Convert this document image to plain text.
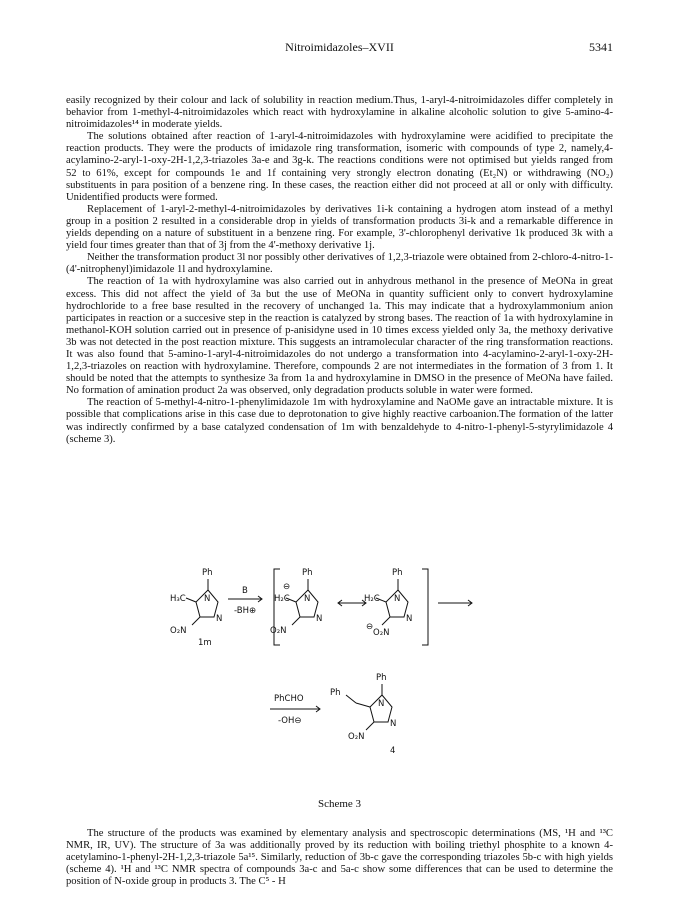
Nitroimidazoles–XVII	5341

easily recognized by their colour and lack of solubility in reaction medium.Thus, 1-aryl-4-nitroimidazoles differ completely in behavior from 1-methyl-4-nitroimidazoles which react with hydroxylamine in alkaline alcoholic solution to give 5-amino-4-nitroimidazoles¹⁴ in moderate yields.

The solutions obtained after reaction of 1-aryl-4-nitroimidazoles with hydroxylamine were acidified to precipitate the reaction products. They were the products of imidazole ring transformation, isomeric with compounds of type 2, namely,4-acylamino-2-aryl-1-oxy-2H-1,2,3-triazoles 3a-e and 3g-k. The reactions conditions were not optimised but yields ranged from 52 to 61%, except for compounds 1e and 1f containing very strongly electron donating (Et₂N) or withdrawing (NO₂) substituents in para position of a benzene ring. In these cases, the reaction either did not proceed at all or only with difficulty. Unidentified products were formed.

Replacement of 1-aryl-2-methyl-4-nitroimidazoles by derivatives 1i-k containing a hydrogen atom instead of a methyl group in a position 2 resulted in a considerable drop in yields of transformation products 3i-k and a remarkable difference in yields depending on a nature of substituent in a benzene ring. For example, 3'-chlorophenyl derivative 1k produced 3k with a yield four times greater than that of 3j from the 4'-methoxy derivative 1j.

Neither the transformation product 3l nor possibly other derivatives of 1,2,3-triazole were obtained from 2-chloro-4-nitro-1-(4'-nitrophenyl)imidazole 1l and hydroxylamine.

The reaction of 1a with hydroxylamine was also carried out in anhydrous methanol in the presence of MeONa in great excess. This did not affect the yield of 3a but the use of MeONa in quantity sufficient only to convert hydroxylamine hydrochloride to a free base resulted in the recovery of unchanged 1a. This may indicate that a hydroxylammonium anion participates in reaction or a succesive step in the reaction is catalyzed by strong bases. The reaction of 1a with hydroxylamine in methanol-KOH solution carried out in presence of p-anisidyne used in 10 times excess yielded only 3a, the methoxy derivative 3b was not detected in the post reaction mixture. This suggests an intramolecular character of the ring transformation reactions. It was also found that 5-amino-1-aryl-4-nitroimidazoles do not undergo a transformation into 4-acylamino-2-aryl-1-oxy-2H-1,2,3-triazoles on reaction with hydroxylamine. Therefore, compounds 2 are not intermediates in the formation of 3 from 1. It should be noted that the attempts to synthesize 3a from 1a and hydroxylamine in DMSO in the presence of MeONa have failed. No formation of amination product 2a was observed, only degradation products soluble in water were formed.

The reaction of 5-methyl-4-nitro-1-phenylimidazole 1m with hydroxylamine and NaOMe gave an intractable mixture. It is possible that complications arise in this case due to deprotonation to give highly reactive carboanion.The formation of the latter was indirectly confirmed by a base catalyzed condensation of 1m with benzaldehyde to 4-nitro-1-phenyl-5-styrylimidazole 4 (scheme 3).

Ph
H₃C N
N
O₂N
1m
B
-BH⊕
Ph
⊖
H₂C N
N
O₂N
Ph
H₂C N
N
⊖
O₂N
PhCHO
-OH⊖
Ph
Ph
N
N
O₂N
4
Scheme 3

The structure of the products was examined by elementary analysis and spectroscopic determinations (MS, ¹H and ¹³C NMR, IR, UV). The structure of 3a was additionally proved by its reduction with boiling triethyl phosphite to a known 4-acetylamino-1-phenyl-2H-1,2,3-triazole 5a¹⁵. Similarly, reduction of 3b-c gave the corresponding triazoles 5b-c with high yields (scheme 4). ¹H and ¹³C NMR spectra of compounds 3a-c and 5a-c show some differences that can be used to determine the position of N-oxide group in products 3. The C⁵ - H
